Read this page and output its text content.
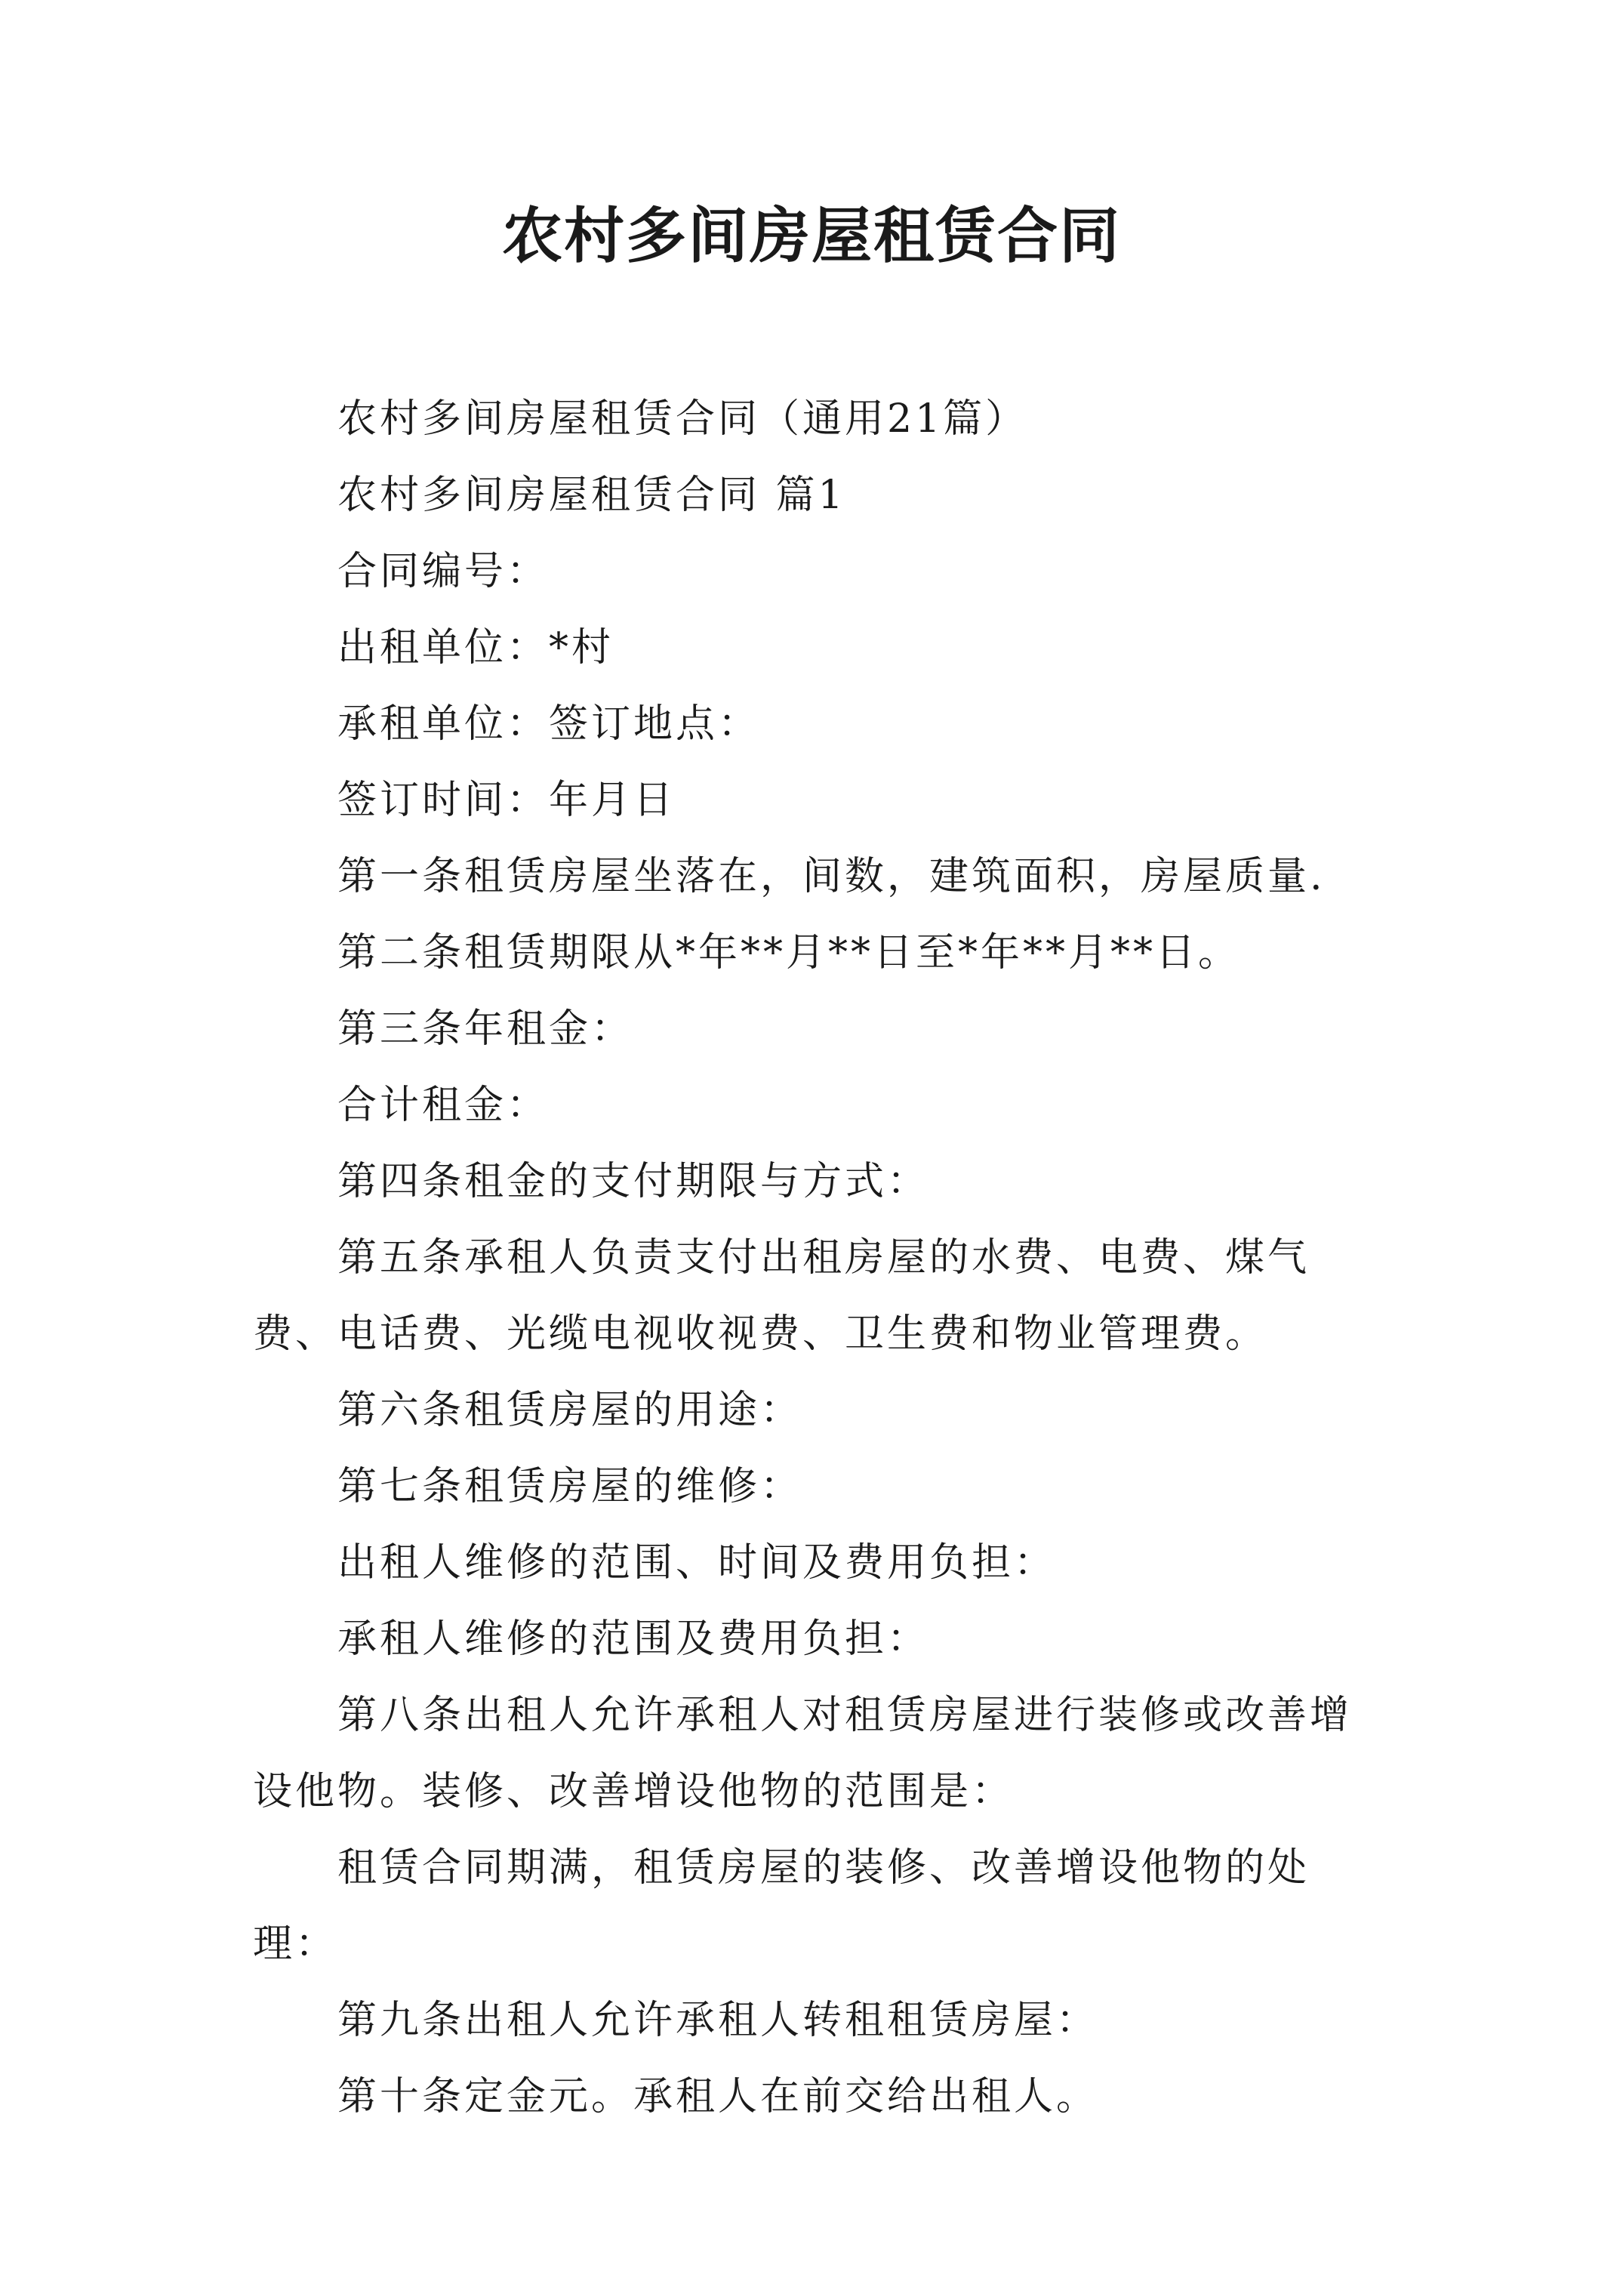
农村多间房屋租赁合同

农村多间房屋租赁合同（通用21篇）

农村多间房屋租赁合同 篇1

合同编号：

出租单位：*村

承租单位：签订地点：

签订时间：年月日

第一条租赁房屋坐落在，间数，建筑面积，房屋质量.

第二条租赁期限从*年**月**日至*年**月**日。

第三条年租金：

合计租金：

第四条租金的支付期限与方式：

第五条承租人负责支付出租房屋的水费、电费、煤气费、电话费、光缆电视收视费、卫生费和物业管理费。

第六条租赁房屋的用途：

第七条租赁房屋的维修：

出租人维修的范围、时间及费用负担：

承租人维修的范围及费用负担：

第八条出租人允许承租人对租赁房屋进行装修或改善增设他物。装修、改善增设他物的范围是：

租赁合同期满，租赁房屋的装修、改善增设他物的处理：

第九条出租人允许承租人转租租赁房屋：

第十条定金元。承租人在前交给出租人。
